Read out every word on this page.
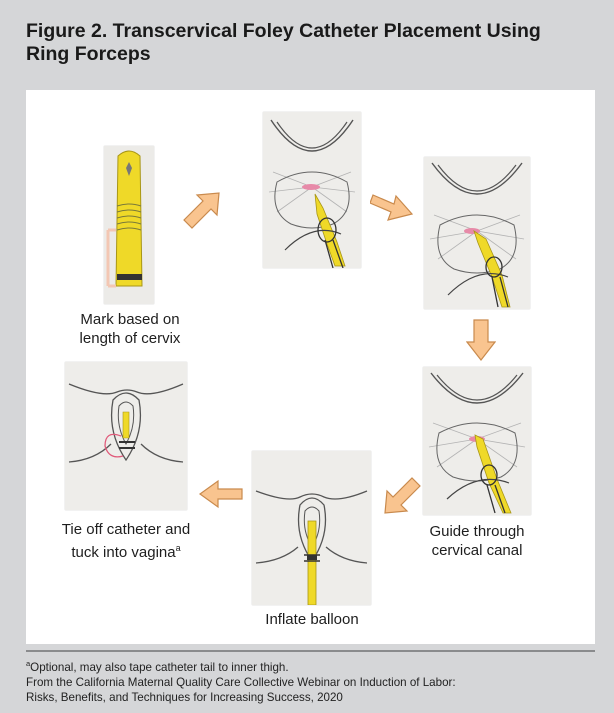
Figure 2. Transcervical Foley Catheter Placement Using Ring Forceps
Mark based on
length of cervix
Guide through
cervical canal
Inflate balloon
Tie off catheter and
tuck into vagina$^a$

$^a$Optional, may also tape catheter tail to inner thigh.

From the California Maternal Quality Care Collective Webinar on Induction of Labor:

Risks, Benefits, and Techniques for Increasing Success, 2020
